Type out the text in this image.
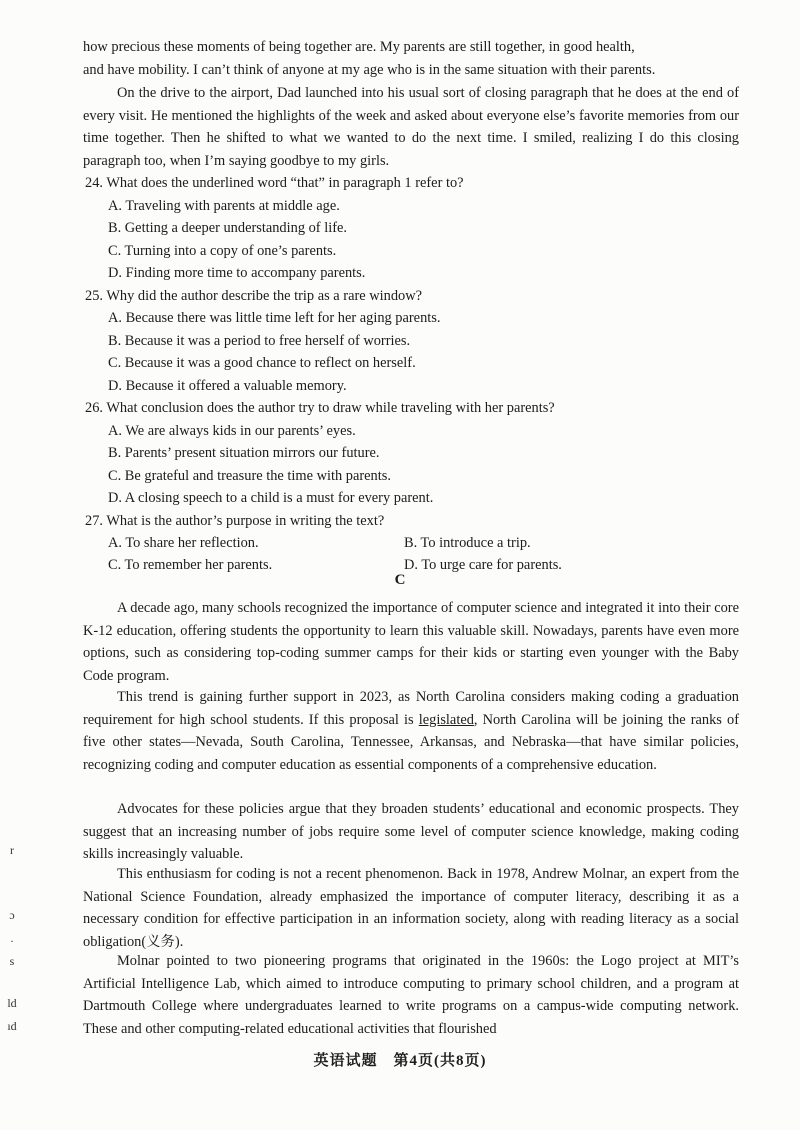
how precious these moments of being together are. My parents are still together, in good health,

and have mobility. I can’t think of anyone at my age who is in the same situation with their parents.

On the drive to the airport, Dad launched into his usual sort of closing paragraph that he does at the end of every visit. He mentioned the highlights of the week and asked about everyone else’s favorite memories from our time together. Then he shifted to what we wanted to do the next time. I smiled, realizing I do this closing paragraph too, when I’m saying goodbye to my girls.

24. What does the underlined word “that” in paragraph 1 refer to?

A. Traveling with parents at middle age.

B. Getting a deeper understanding of life.

C. Turning into a copy of one’s parents.

D. Finding more time to accompany parents.

25. Why did the author describe the trip as a rare window?

A. Because there was little time left for her aging parents.

B. Because it was a period to free herself of worries.

C. Because it was a good chance to reflect on herself.

D. Because it offered a valuable memory.

26. What conclusion does the author try to draw while traveling with her parents?

A. We are always kids in our parents’ eyes.

B. Parents’ present situation mirrors our future.

C. Be grateful and treasure the time with parents.

D. A closing speech to a child is a must for every parent.

27. What is the author’s purpose in writing the text?

A. To share her reflection.	B. To introduce a trip.

C. To remember her parents.	D. To urge care for parents.

C

A decade ago, many schools recognized the importance of computer science and integrated it into their core K-12 education, offering students the opportunity to learn this valuable skill. Nowadays, parents have even more options, such as considering top-coding summer camps for their kids or starting even younger with the Baby Code program.

This trend is gaining further support in 2023, as North Carolina considers making coding a graduation requirement for high school students. If this proposal is legislated, North Carolina will be joining the ranks of five other states—Nevada, South Carolina, Tennessee, Arkansas, and Nebraska—that have similar policies, recognizing coding and computer education as essential components of a comprehensive education.

Advocates for these policies argue that they broaden students’ educational and economic prospects. They suggest that an increasing number of jobs require some level of computer science knowledge, making coding skills increasingly valuable.

This enthusiasm for coding is not a recent phenomenon. Back in 1978, Andrew Molnar, an expert from the National Science Foundation, already emphasized the importance of computer literacy, describing it as a necessary condition for effective participation in an information society, along with reading literacy as a social obligation(义务).

Molnar pointed to two pioneering programs that originated in the 1960s: the Logo project at MIT’s Artificial Intelligence Lab, which aimed to introduce computing to primary school children, and a program at Dartmouth College where undergraduates learned to write programs on a campus-wide computing network. These and other computing-related educational activities that flourished

英语试题　第4页(共8页)
r
ɔ
.
s
ld
ıd
